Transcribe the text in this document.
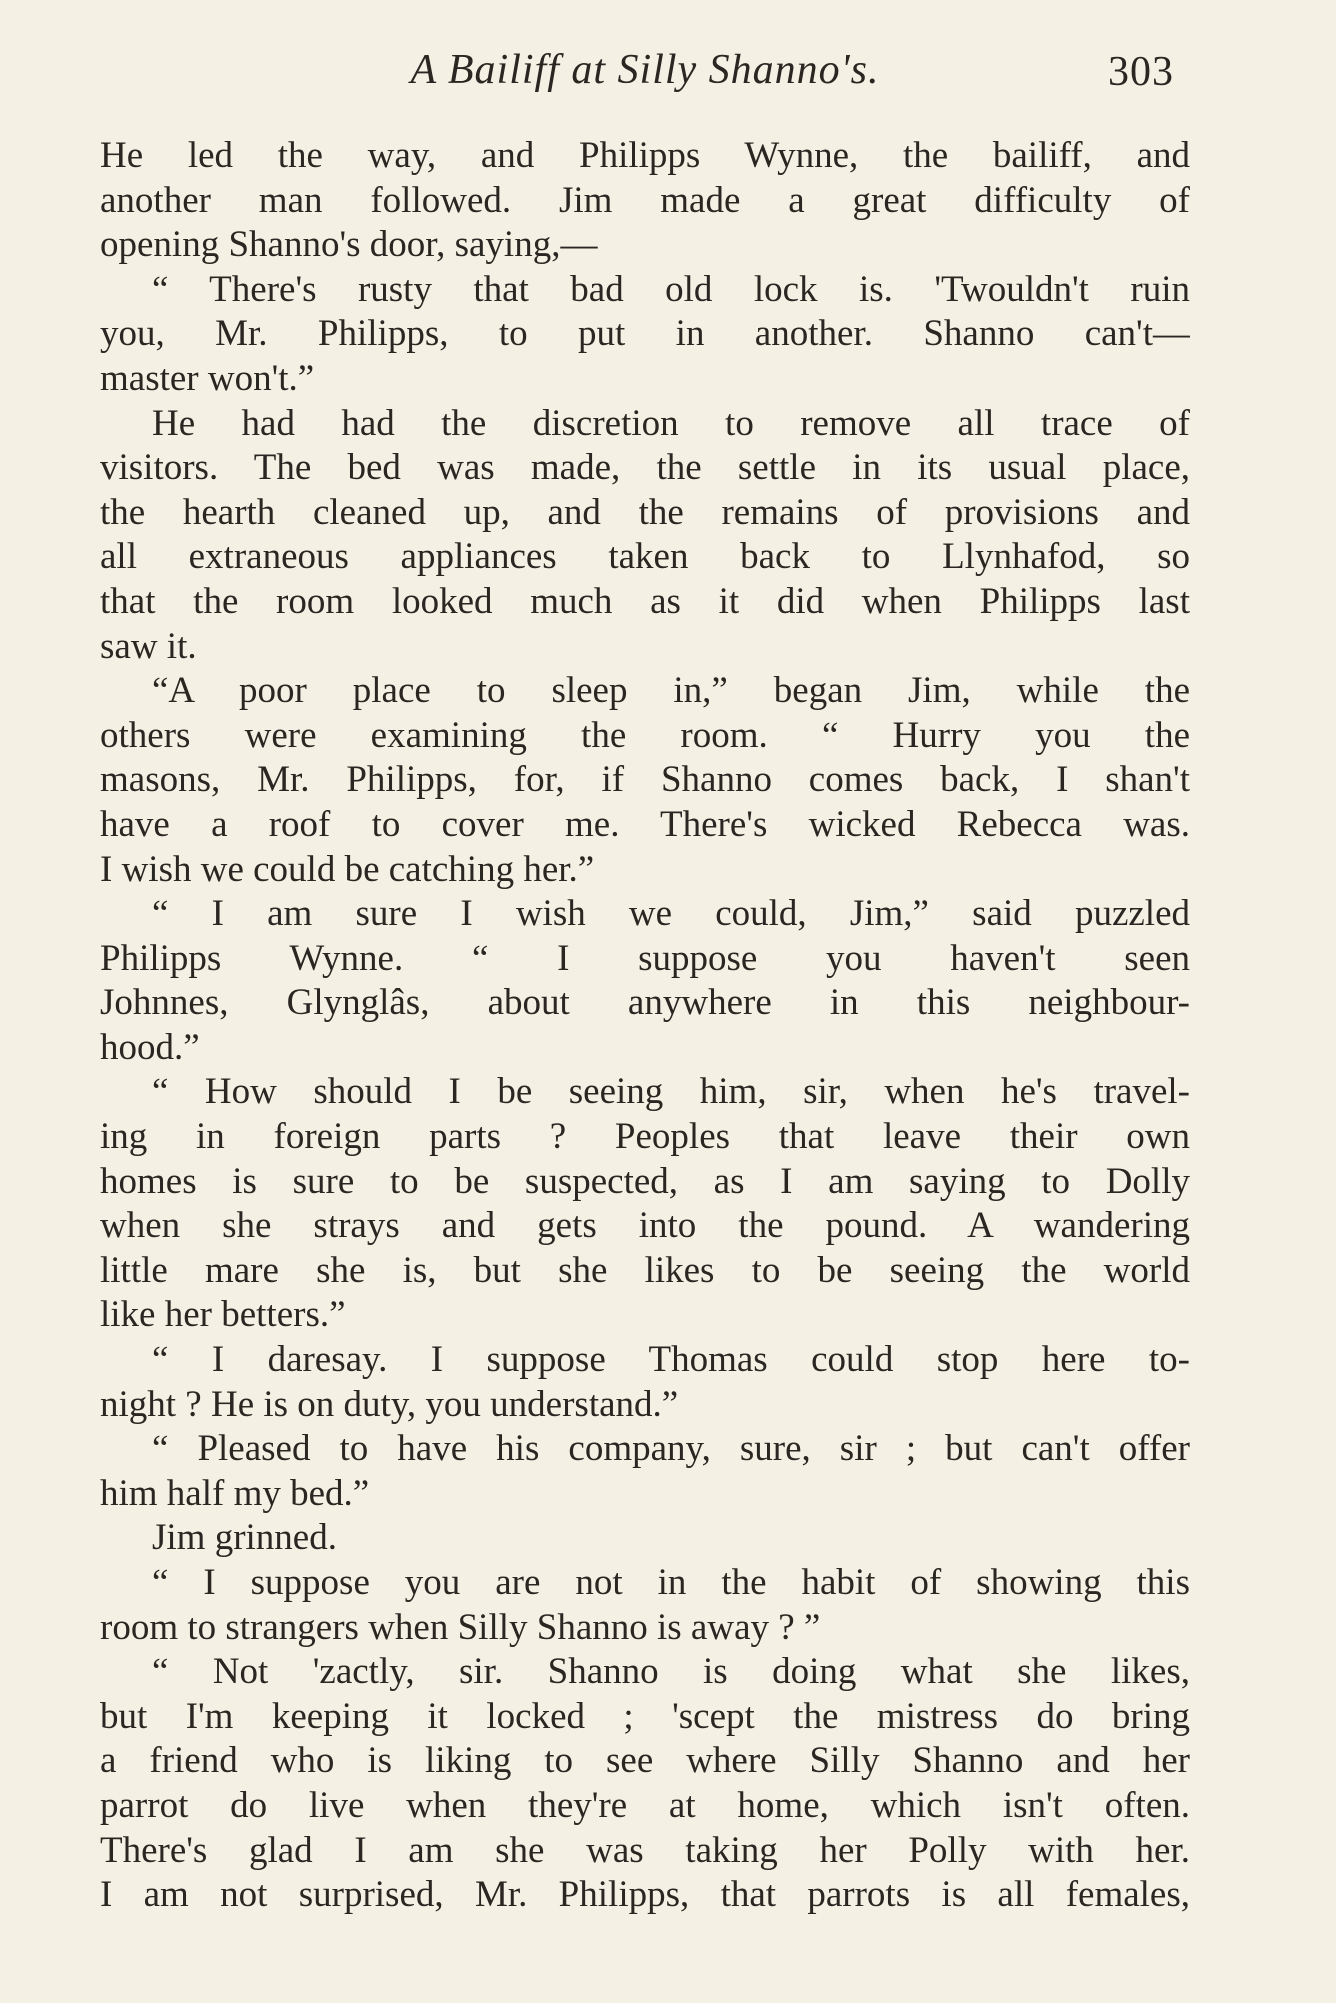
A Bailiff at Silly Shanno's.	303
He led the way, and Philipps Wynne, the bailiff, and
another man followed. Jim made a great difficulty of
opening Shanno's door, saying,—
“ There's rusty that bad old lock is. 'Twouldn't ruin
you, Mr. Philipps, to put in another. Shanno can't—
master won't.”
He had had the discretion to remove all trace of
visitors. The bed was made, the settle in its usual place,
the hearth cleaned up, and the remains of provisions and
all extraneous appliances taken back to Llynhafod, so
that the room looked much as it did when Philipps last
saw it.
“A poor place to sleep in,” began Jim, while the
others were examining the room. “ Hurry you the
masons, Mr. Philipps, for, if Shanno comes back, I shan't
have a roof to cover me. There's wicked Rebecca was.
I wish we could be catching her.”
“ I am sure I wish we could, Jim,” said puzzled
Philipps Wynne. “ I suppose you haven't seen
Johnnes, Glynglâs, about anywhere in this neighbour-
hood.”
“ How should I be seeing him, sir, when he's travel-
ing in foreign parts ? Peoples that leave their own
homes is sure to be suspected, as I am saying to Dolly
when she strays and gets into the pound. A wandering
little mare she is, but she likes to be seeing the world
like her betters.”
“ I daresay. I suppose Thomas could stop here to-
night ? He is on duty, you understand.”
“ Pleased to have his company, sure, sir ; but can't offer
him half my bed.”
Jim grinned.
“ I suppose you are not in the habit of showing this
room to strangers when Silly Shanno is away ? ”
“ Not 'zactly, sir. Shanno is doing what she likes,
but I'm keeping it locked ; 'scept the mistress do bring
a friend who is liking to see where Silly Shanno and her
parrot do live when they're at home, which isn't often.
There's glad I am she was taking her Polly with her.
I am not surprised, Mr. Philipps, that parrots is all females,
